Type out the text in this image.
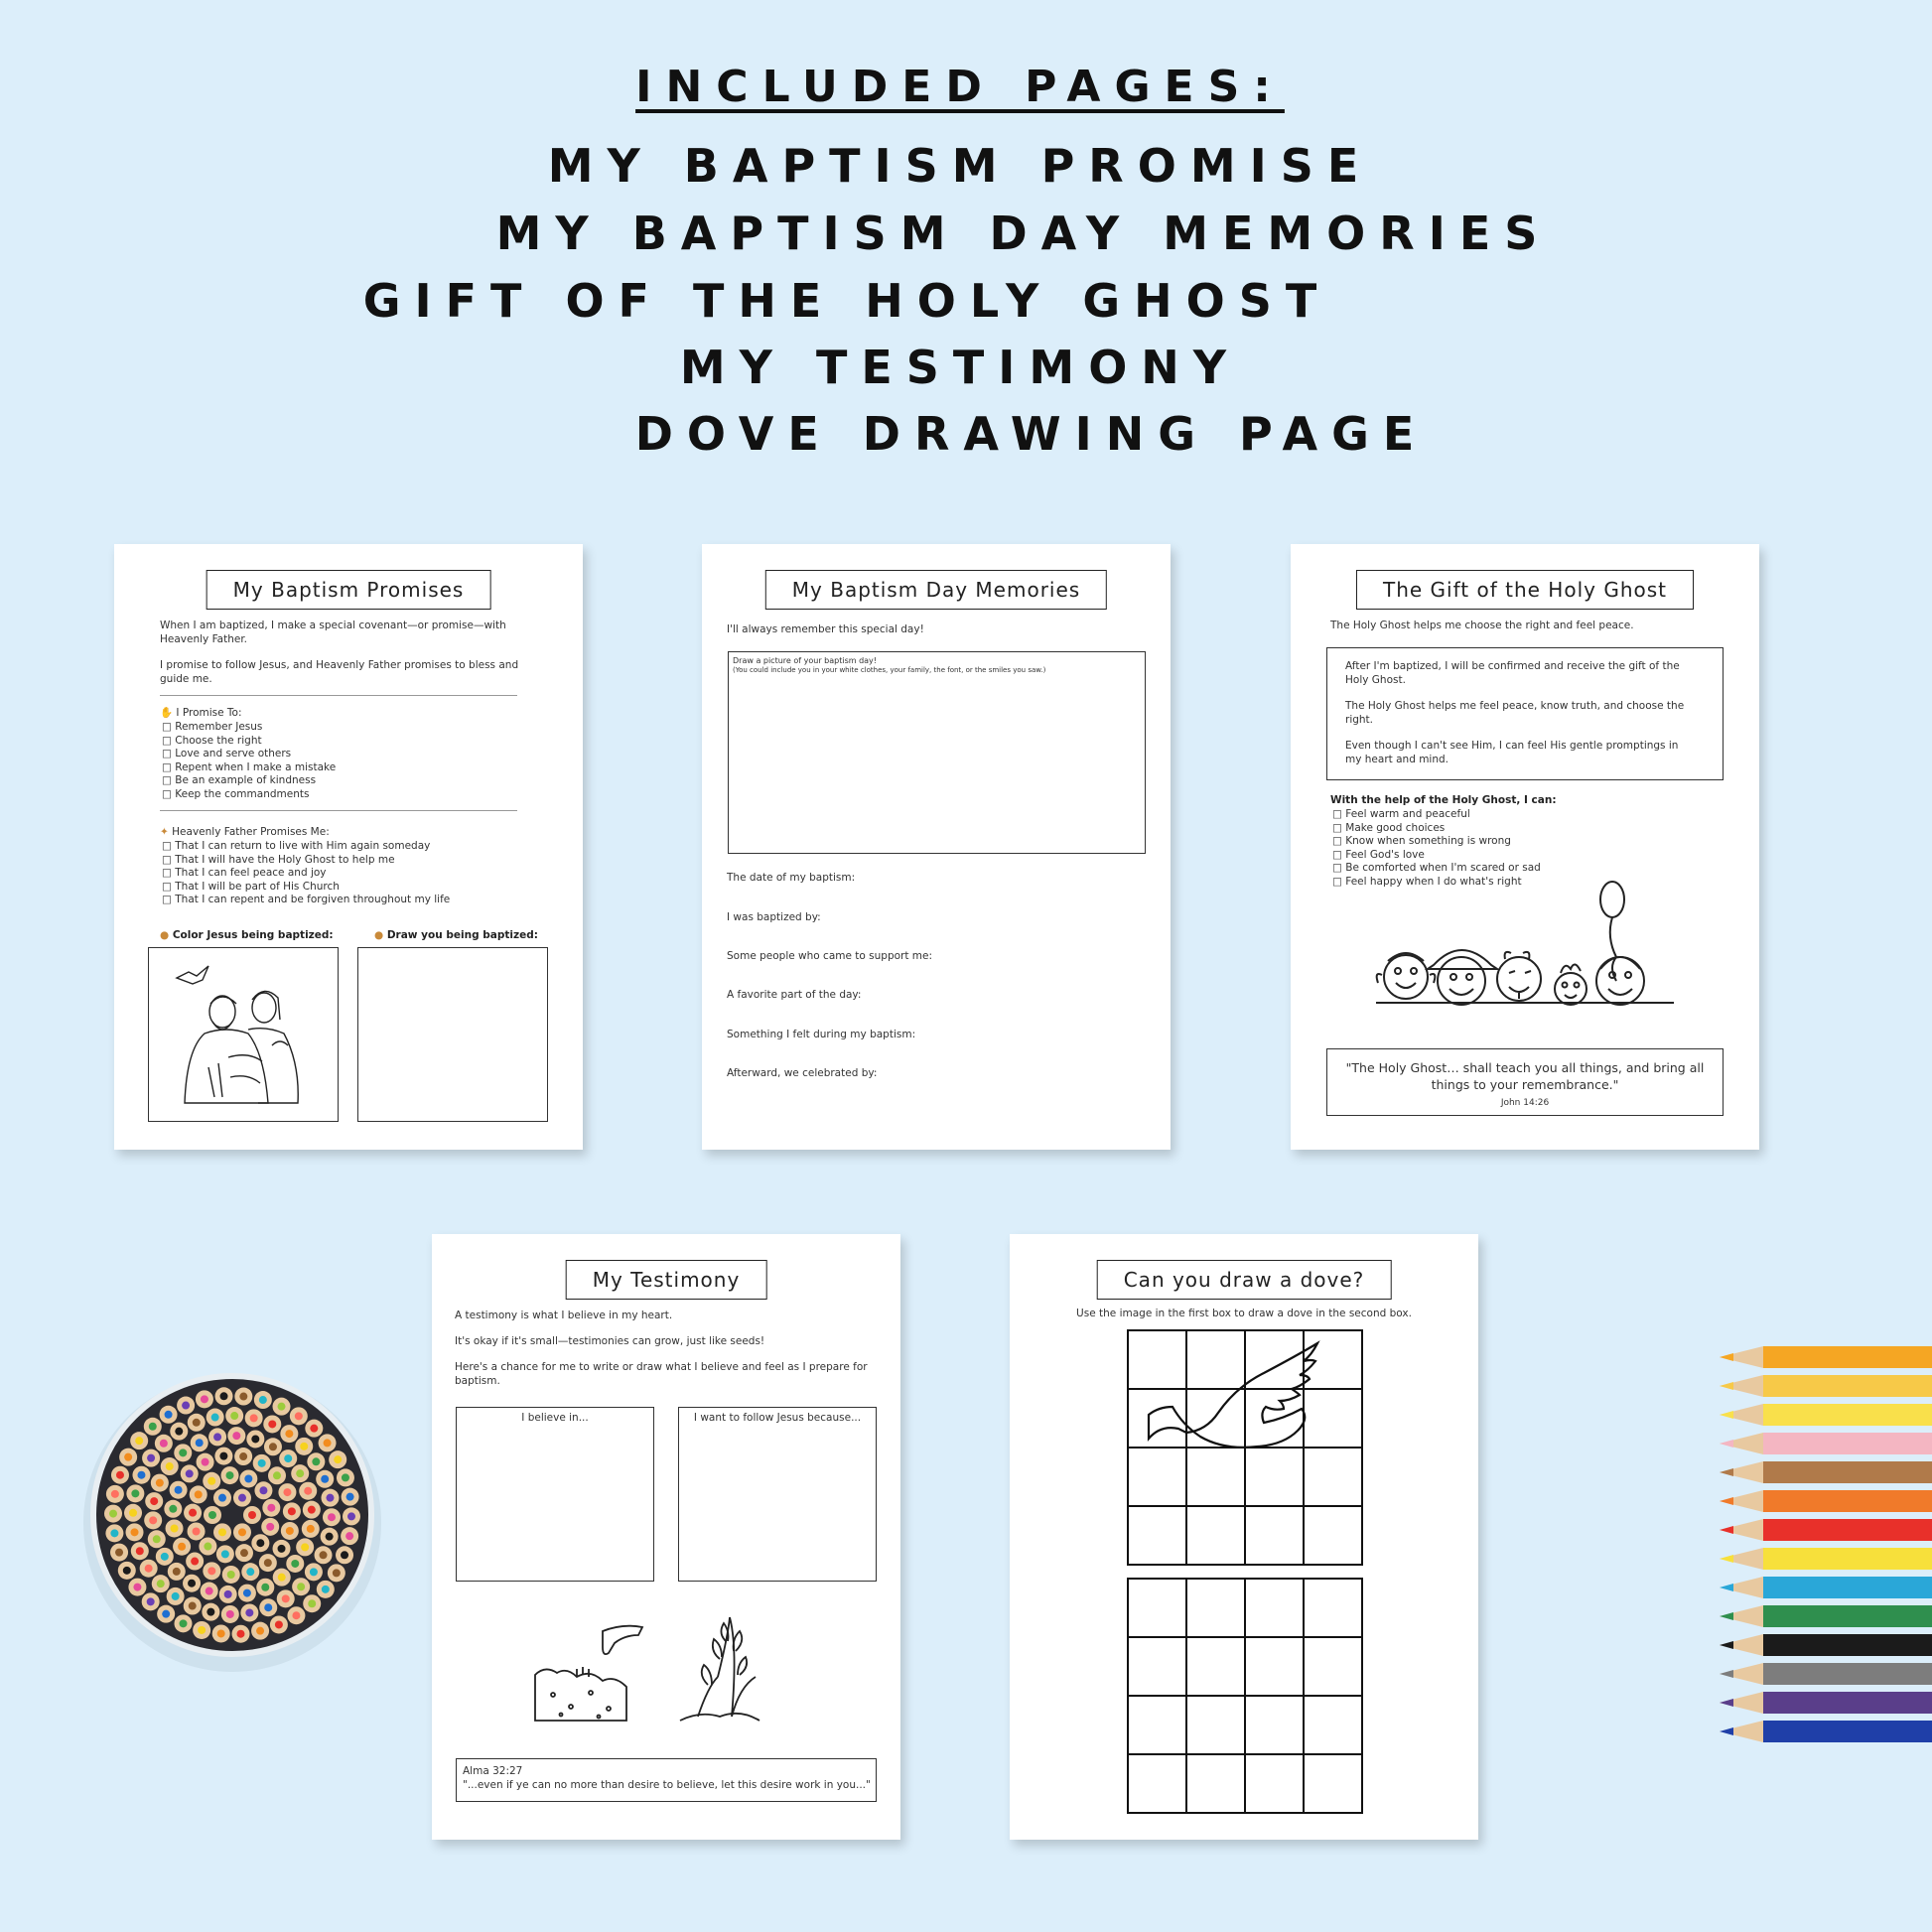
INCLUDED PAGES:
MY BAPTISM PROMISE
MY BAPTISM DAY MEMORIES
GIFT OF THE HOLY GHOST
MY TESTIMONY
DOVE DRAWING PAGE
My Baptism Promises
When I am baptized, I make a special covenant—or promise—with Heavenly Father.
I promise to follow Jesus, and Heavenly Father promises to bless and guide me.
✋ I Promise To:
□ Remember Jesus
□ Choose the right
□ Love and serve others
□ Repent when I make a mistake
□ Be an example of kindness
□ Keep the commandments
✦ Heavenly Father Promises Me:
□ That I can return to live with Him again someday
□ That I will have the Holy Ghost to help me
□ That I can feel peace and joy
□ That I will be part of His Church
□ That I can repent and be forgiven throughout my life
● Color Jesus being baptized:	● Draw you being baptized:
My Baptism Day Memories
I'll always remember this special day!
Draw a picture of your baptism day!
(You could include you in your white clothes, your family, the font, or the smiles you saw.)
The date of my baptism:
I was baptized by:
Some people who came to support me:
A favorite part of the day:
Something I felt during my baptism:
Afterward, we celebrated by:
The Gift of the Holy Ghost
The Holy Ghost helps me choose the right and feel peace.
After I'm baptized, I will be confirmed and receive the gift of the Holy Ghost.
The Holy Ghost helps me feel peace, know truth, and choose the right.
Even though I can't see Him, I can feel His gentle promptings in my heart and mind.
With the help of the Holy Ghost, I can:
□ Feel warm and peaceful
□ Make good choices
□ Know when something is wrong
□ Feel God's love
□ Be comforted when I'm scared or sad
□ Feel happy when I do what's right
"The Holy Ghost… shall teach you all things, and bring all things to your remembrance."
John 14:26
My Testimony
A testimony is what I believe in my heart.
It's okay if it's small—testimonies can grow, just like seeds!
Here's a chance for me to write or draw what I believe and feel as I prepare for baptism.
I believe in...	I want to follow Jesus because...
Alma 32:27
"...even if ye can no more than desire to believe, let this desire work in you..."
Can you draw a dove?
Use the image in the first box to draw a dove in the second box.
